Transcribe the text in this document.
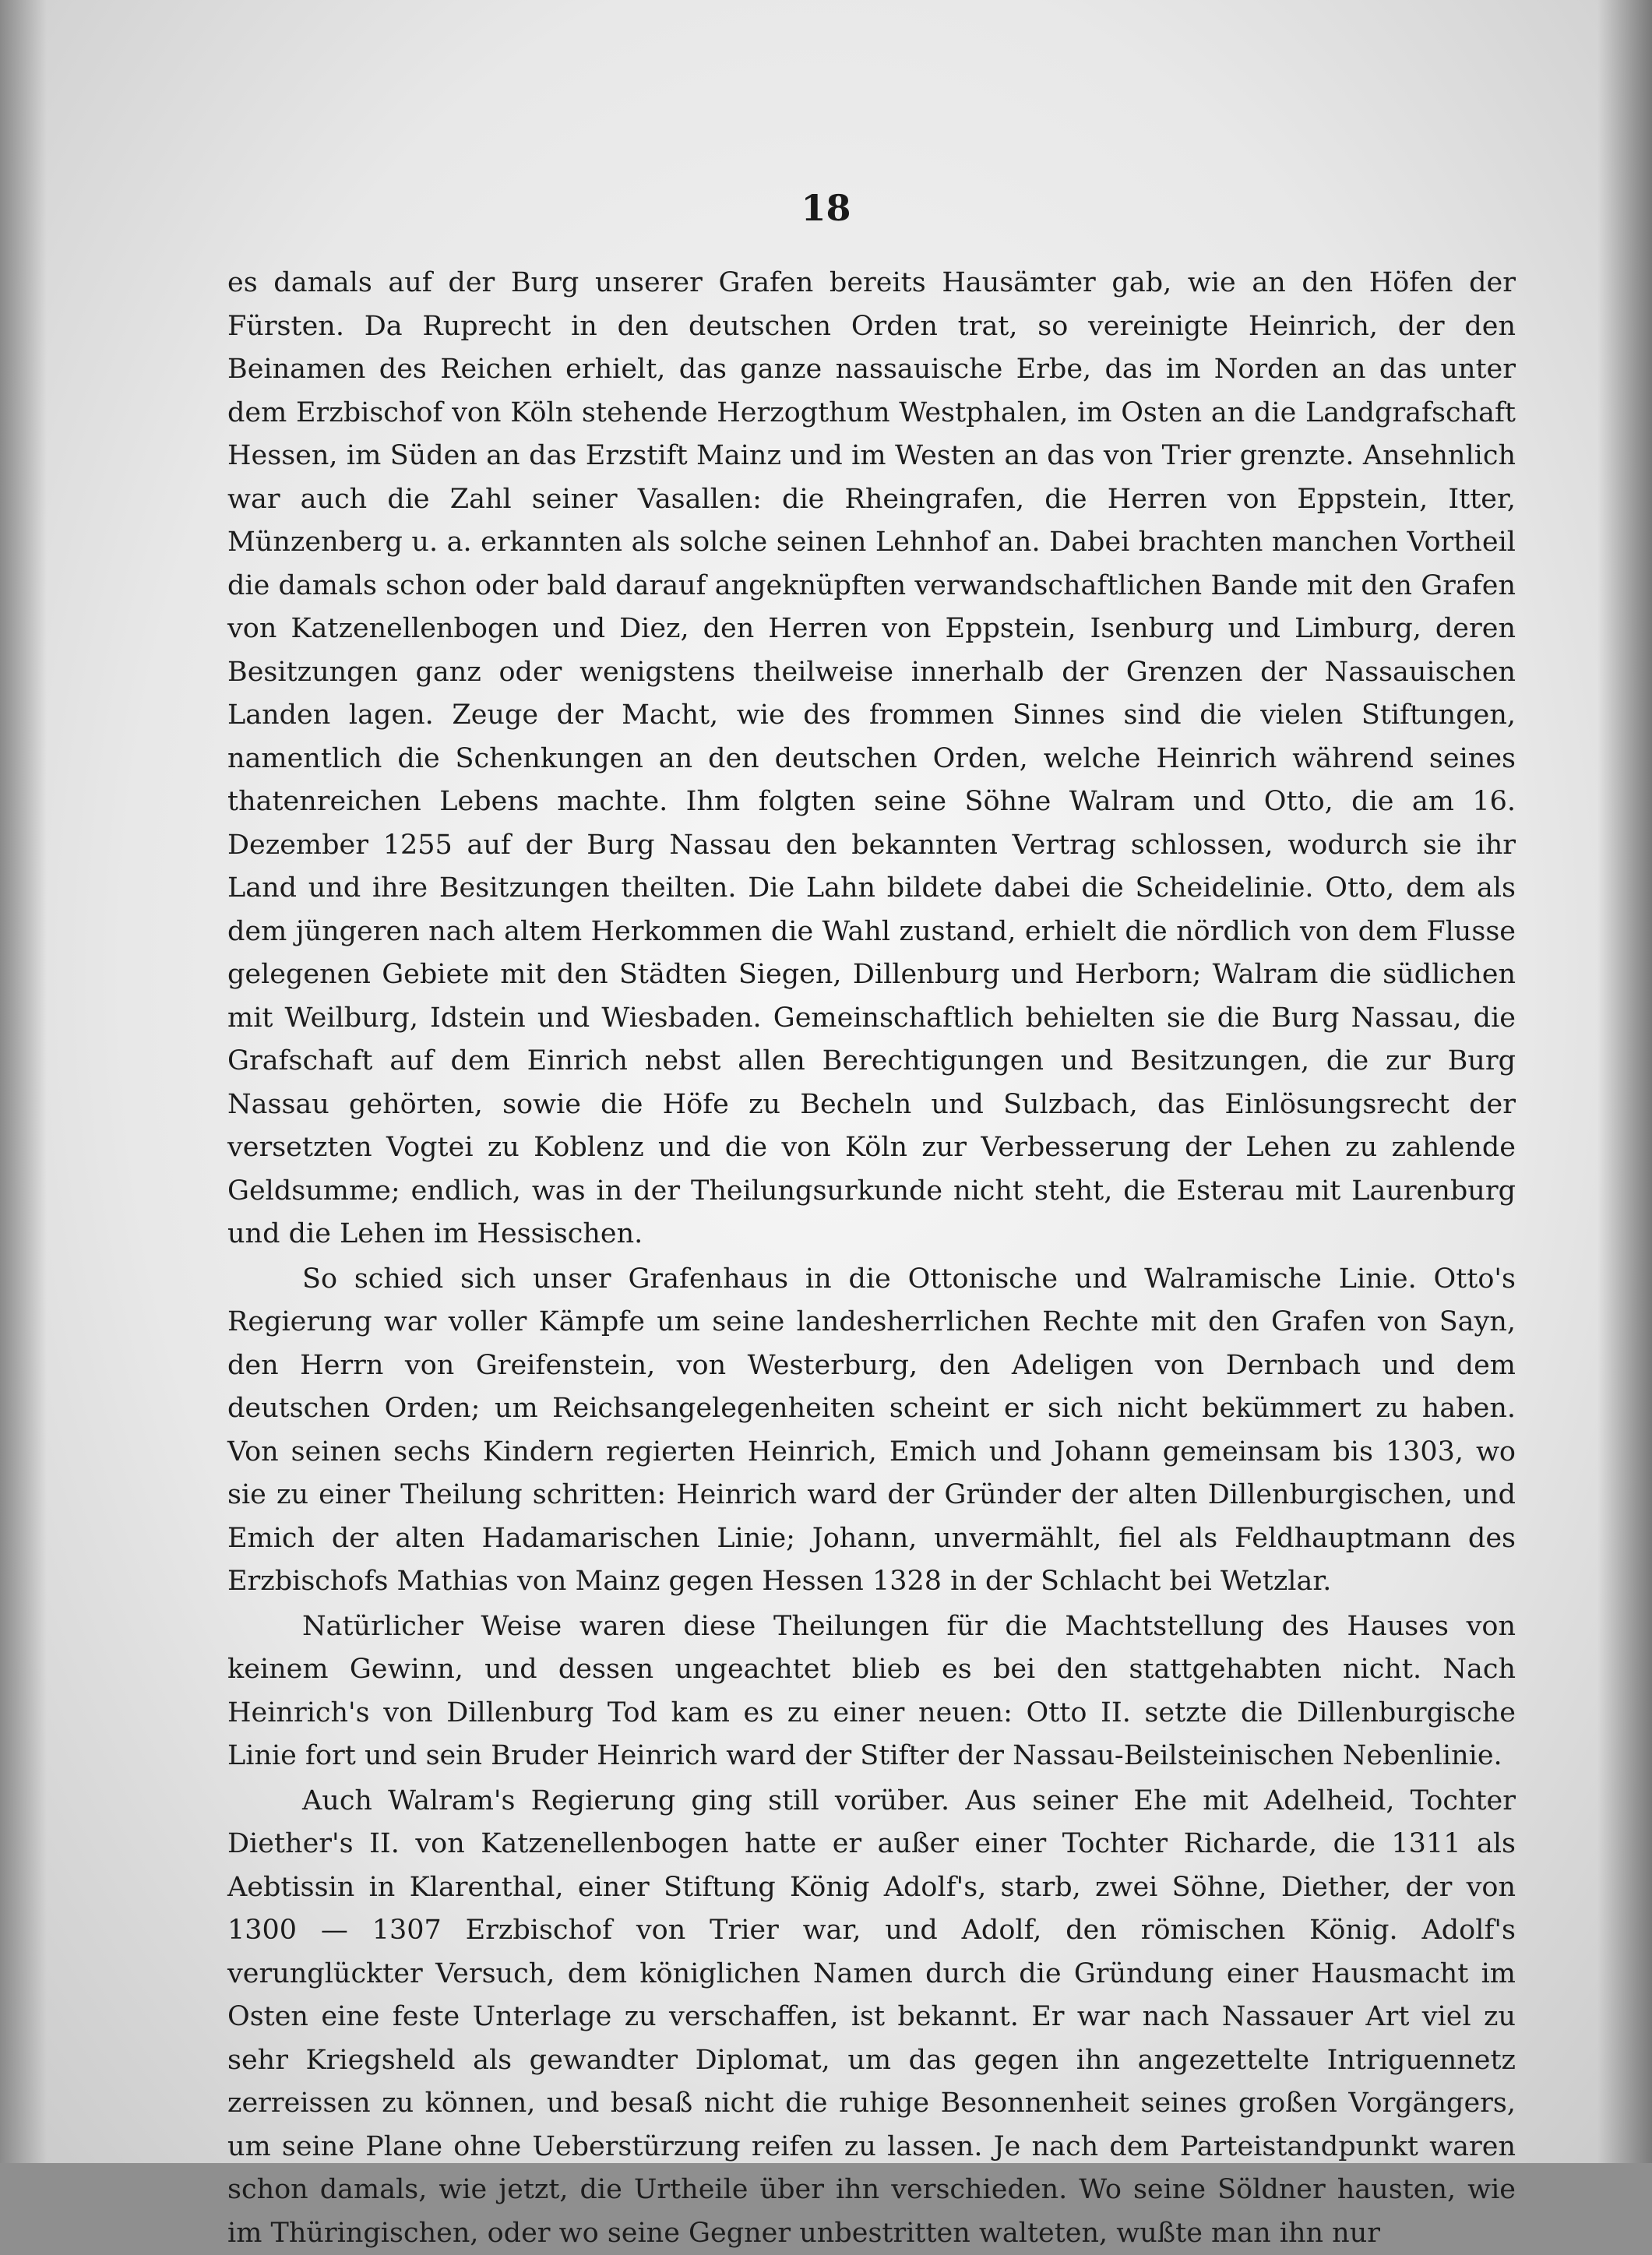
18

es damals auf der Burg unserer Grafen bereits Hausämter gab, wie an den Höfen der Fürsten. Da Ruprecht in den deutschen Orden trat, so vereinigte Heinrich, der den Beinamen des Reichen erhielt, das ganze nassauische Erbe, das im Norden an das unter dem Erzbischof von Köln stehende Herzogthum Westphalen, im Osten an die Landgrafschaft Hessen, im Süden an das Erzstift Mainz und im Westen an das von Trier grenzte. Ansehnlich war auch die Zahl seiner Vasallen: die Rheingrafen, die Herren von Eppstein, Itter, Münzenberg u. a. erkannten als solche seinen Lehnhof an. Dabei brachten manchen Vortheil die damals schon oder bald darauf angeknüpften verwandschaftlichen Bande mit den Grafen von Katzenellenbogen und Diez, den Herren von Eppstein, Isenburg und Limburg, deren Besitzungen ganz oder wenigstens theilweise innerhalb der Grenzen der Nassauischen Landen lagen. Zeuge der Macht, wie des frommen Sinnes sind die vielen Stiftungen, namentlich die Schenkungen an den deutschen Orden, welche Heinrich während seines thatenreichen Lebens machte. Ihm folgten seine Söhne Walram und Otto, die am 16. Dezember 1255 auf der Burg Nassau den bekannten Vertrag schlossen, wodurch sie ihr Land und ihre Besitzungen theilten. Die Lahn bildete dabei die Scheidelinie. Otto, dem als dem jüngeren nach altem Herkommen die Wahl zustand, erhielt die nördlich von dem Flusse gelegenen Gebiete mit den Städten Siegen, Dillenburg und Herborn; Walram die südlichen mit Weilburg, Idstein und Wiesbaden. Gemeinschaftlich behielten sie die Burg Nassau, die Grafschaft auf dem Einrich nebst allen Berechtigungen und Besitzungen, die zur Burg Nassau gehörten, sowie die Höfe zu Becheln und Sulzbach, das Einlösungsrecht der versetzten Vogtei zu Koblenz und die von Köln zur Verbesserung der Lehen zu zahlende Geldsumme; endlich, was in der Theilungsurkunde nicht steht, die Esterau mit Laurenburg und die Lehen im Hessischen.

So schied sich unser Grafenhaus in die Ottonische und Walramische Linie. Otto's Regierung war voller Kämpfe um seine landesherrlichen Rechte mit den Grafen von Sayn, den Herrn von Greifenstein, von Westerburg, den Adeligen von Dernbach und dem deutschen Orden; um Reichsangelegenheiten scheint er sich nicht bekümmert zu haben. Von seinen sechs Kindern regierten Heinrich, Emich und Johann gemeinsam bis 1303, wo sie zu einer Theilung schritten: Heinrich ward der Gründer der alten Dillenburgischen, und Emich der alten Hadamarischen Linie; Johann, unvermählt, fiel als Feldhauptmann des Erzbischofs Mathias von Mainz gegen Hessen 1328 in der Schlacht bei Wetzlar.

Natürlicher Weise waren diese Theilungen für die Machtstellung des Hauses von keinem Gewinn, und dessen ungeachtet blieb es bei den stattgehabten nicht. Nach Heinrich's von Dillenburg Tod kam es zu einer neuen: Otto II. setzte die Dillenburgische Linie fort und sein Bruder Heinrich ward der Stifter der Nassau-Beilsteinischen Nebenlinie.

Auch Walram's Regierung ging still vorüber. Aus seiner Ehe mit Adelheid, Tochter Diether's II. von Katzenellenbogen hatte er außer einer Tochter Richarde, die 1311 als Aebtissin in Klarenthal, einer Stiftung König Adolf's, starb, zwei Söhne, Diether, der von 1300 — 1307 Erzbischof von Trier war, und Adolf, den römischen König. Adolf's verunglückter Versuch, dem königlichen Namen durch die Gründung einer Hausmacht im Osten eine feste Unterlage zu verschaffen, ist bekannt. Er war nach Nassauer Art viel zu sehr Kriegsheld als gewandter Diplomat, um das gegen ihn angezettelte Intriguennetz zerreissen zu können, und besaß nicht die ruhige Besonnenheit seines großen Vorgängers, um seine Plane ohne Ueberstürzung reifen zu lassen. Je nach dem Parteistandpunkt waren schon damals, wie jetzt, die Urtheile über ihn verschieden. Wo seine Söldner hausten, wie im Thüringischen, oder wo seine Gegner unbestritten walteten, wußte man ihn nur
